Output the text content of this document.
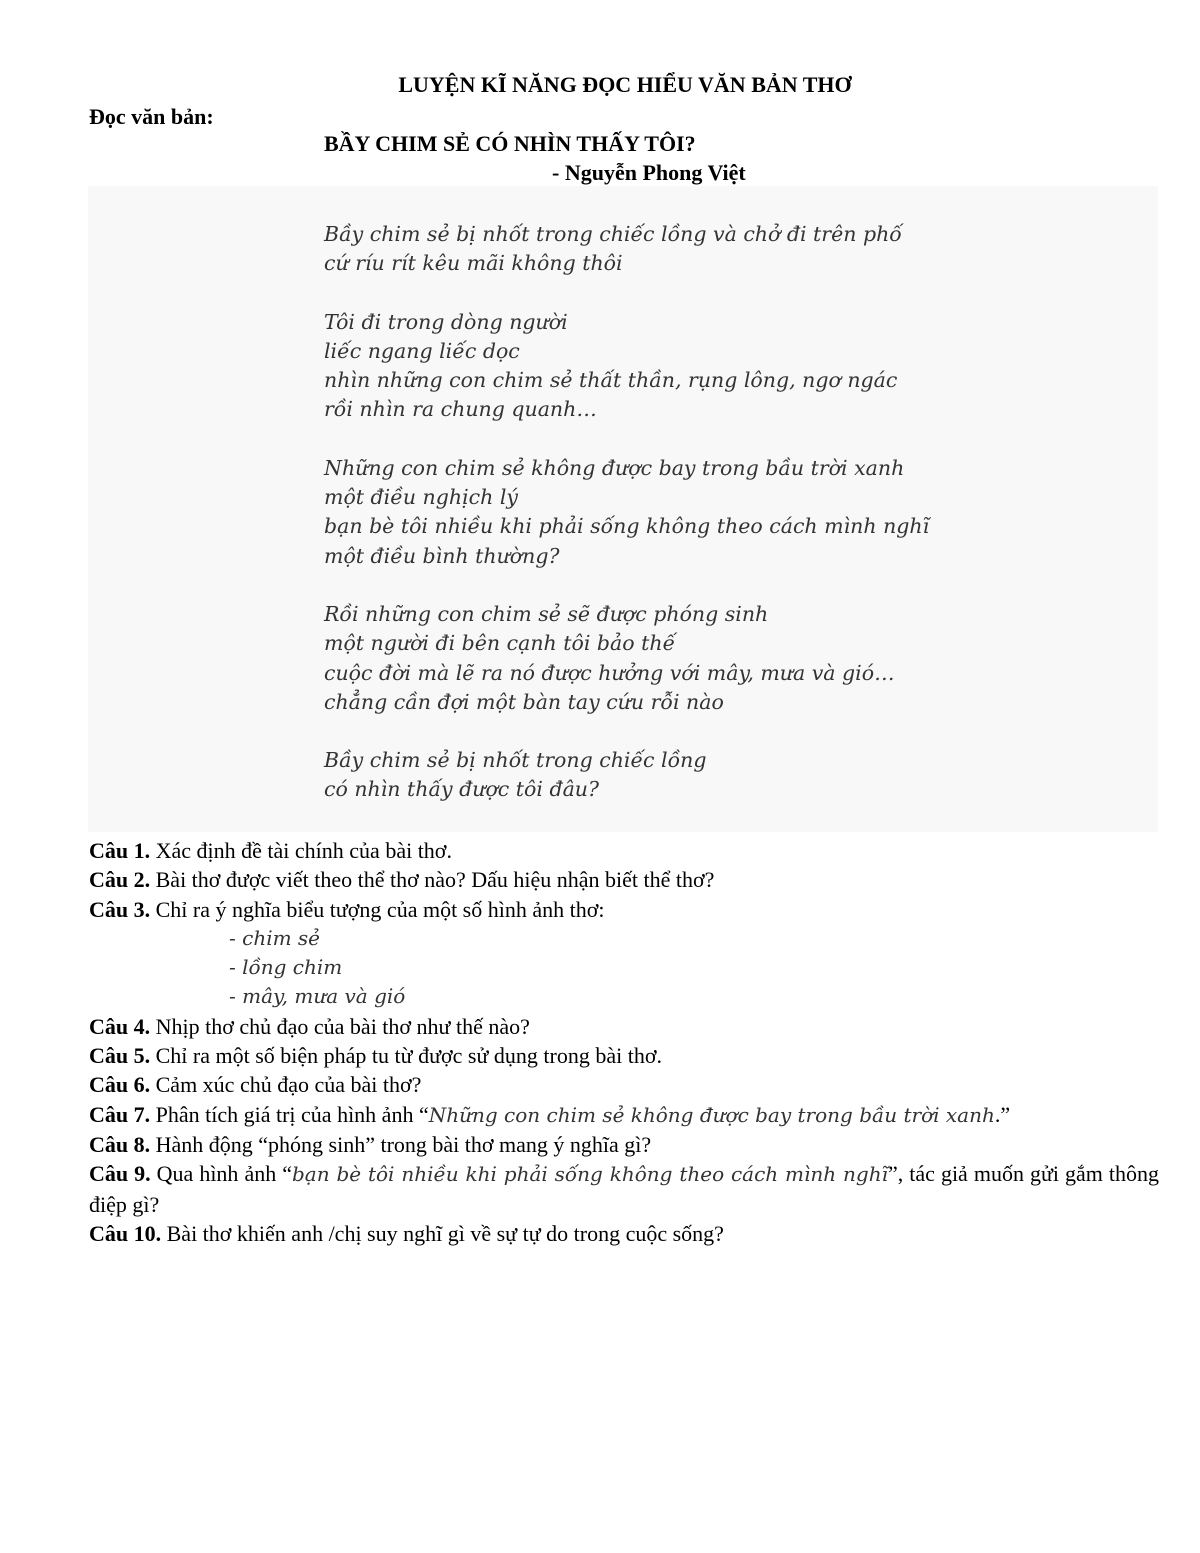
LUYỆN KĨ NĂNG ĐỌC HIỂU VĂN BẢN THƠ

Đọc văn bản:

BẦY CHIM SẺ CÓ NHÌN THẤY TÔI?

- Nguyễn Phong Việt

Bầy chim sẻ bị nhốt trong chiếc lồng và chở đi trên phố
cứ ríu rít kêu mãi không thôi
Tôi đi trong dòng người
liếc ngang liếc dọc
nhìn những con chim sẻ thất thần, rụng lông, ngơ ngác
rồi nhìn ra chung quanh…
Những con chim sẻ không được bay trong bầu trời xanh
một điều nghịch lý
bạn bè tôi nhiều khi phải sống không theo cách mình nghĩ
một điều bình thường?
Rồi những con chim sẻ sẽ được phóng sinh
một người đi bên cạnh tôi bảo thế
cuộc đời mà lẽ ra nó được hưởng với mây, mưa và gió…
chẳng cần đợi một bàn tay cứu rỗi nào
Bầy chim sẻ bị nhốt trong chiếc lồng
có nhìn thấy được tôi đâu?
Câu 1. Xác định đề tài chính của bài thơ.
Câu 2. Bài thơ được viết theo thể thơ nào? Dấu hiệu nhận biết thể thơ?
Câu 3. Chỉ ra ý nghĩa biểu tượng của một số hình ảnh thơ:
- chim sẻ
- lồng chim
- mây, mưa và gió
Câu 4. Nhịp thơ chủ đạo của bài thơ như thế nào?
Câu 5. Chỉ ra một số biện pháp tu từ được sử dụng trong bài thơ.
Câu 6. Cảm xúc chủ đạo của bài thơ?
Câu 7. Phân tích giá trị của hình ảnh “Những con chim sẻ không được bay trong bầu trời xanh.”
Câu 8. Hành động “phóng sinh” trong bài thơ mang ý nghĩa gì?
Câu 9. Qua hình ảnh “bạn bè tôi nhiều khi phải sống không theo cách mình nghĩ”, tác giả muốn gửi gắm thông điệp gì?
Câu 10. Bài thơ khiến anh /chị suy nghĩ gì về sự tự do trong cuộc sống?
